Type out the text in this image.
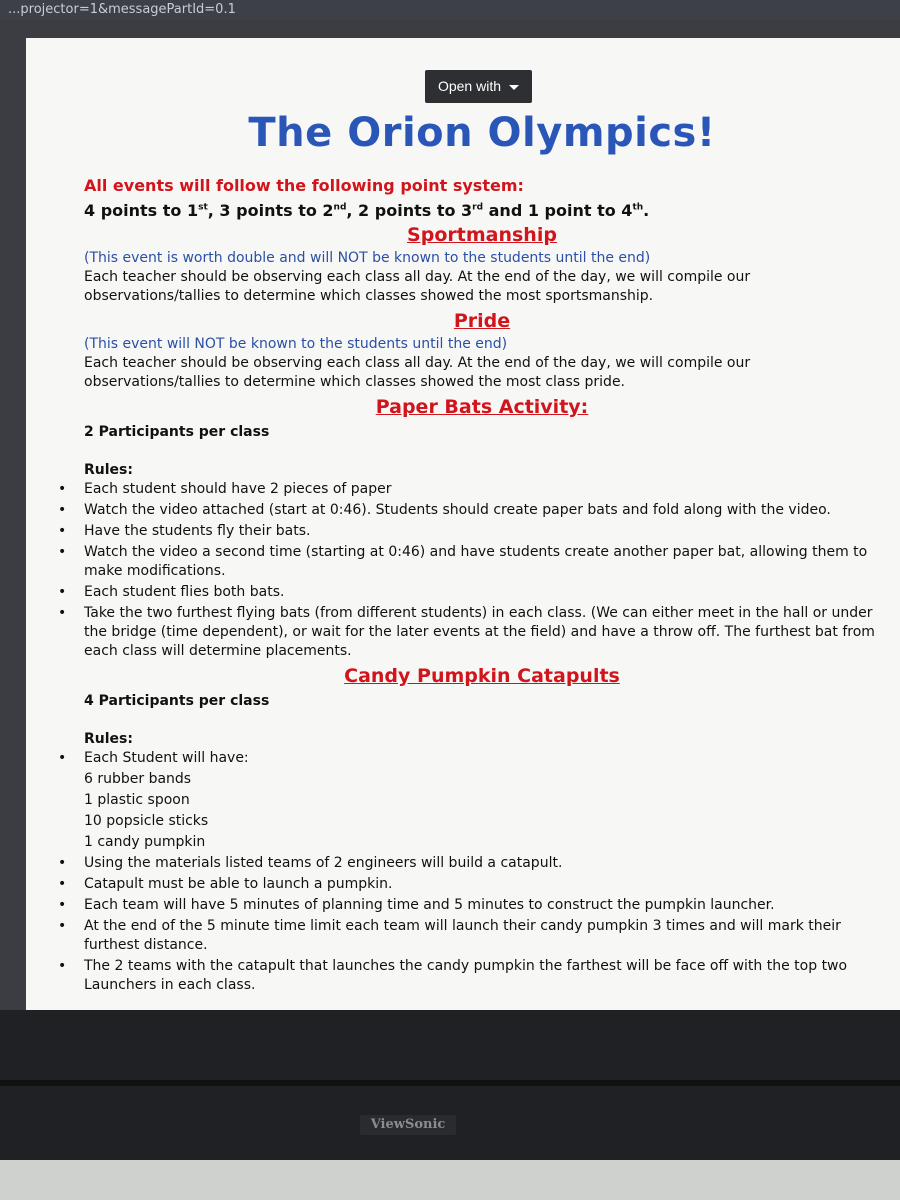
...projector=1&messagePartId=0.1
Open with
The Orion Olympics!
All events will follow the following point system:
4 points to 1st, 3 points to 2nd, 2 points to 3rd and 1 point to 4th.
Sportmanship
(This event is worth double and will NOT be known to the students until the end)
Each teacher should be observing each class all day. At the end of the day, we will compile our observations/tallies to determine which classes showed the most sportsmanship.
Pride
(This event will NOT be known to the students until the end)
Each teacher should be observing each class all day. At the end of the day, we will compile our observations/tallies to determine which classes showed the most class pride.
Paper Bats Activity:
2 Participants per class
Rules:
• Each student should have 2 pieces of paper
• Watch the video attached (start at 0:46). Students should create paper bats and fold along with the video.
• Have the students fly their bats.
• Watch the video a second time (starting at 0:46) and have students create another paper bat, allowing them to make modifications.
• Each student flies both bats.
• Take the two furthest flying bats (from different students) in each class. (We can either meet in the hall or under the bridge (time dependent), or wait for the later events at the field) and have a throw off. The furthest bat from each class will determine placements.
Candy Pumpkin Catapults
4 Participants per class
Rules:
• Each Student will have:
6 rubber bands
1 plastic spoon
10 popsicle sticks
1 candy pumpkin
• Using the materials listed teams of 2 engineers will build a catapult.
• Catapult must be able to launch a pumpkin.
• Each team will have 5 minutes of planning time and 5 minutes to construct the pumpkin launcher.
• At the end of the 5 minute time limit each team will launch their candy pumpkin 3 times and will mark their furthest distance.
• The 2 teams with the catapult that launches the candy pumpkin the farthest will be face off with the top two Launchers in each class.
ViewSonic
